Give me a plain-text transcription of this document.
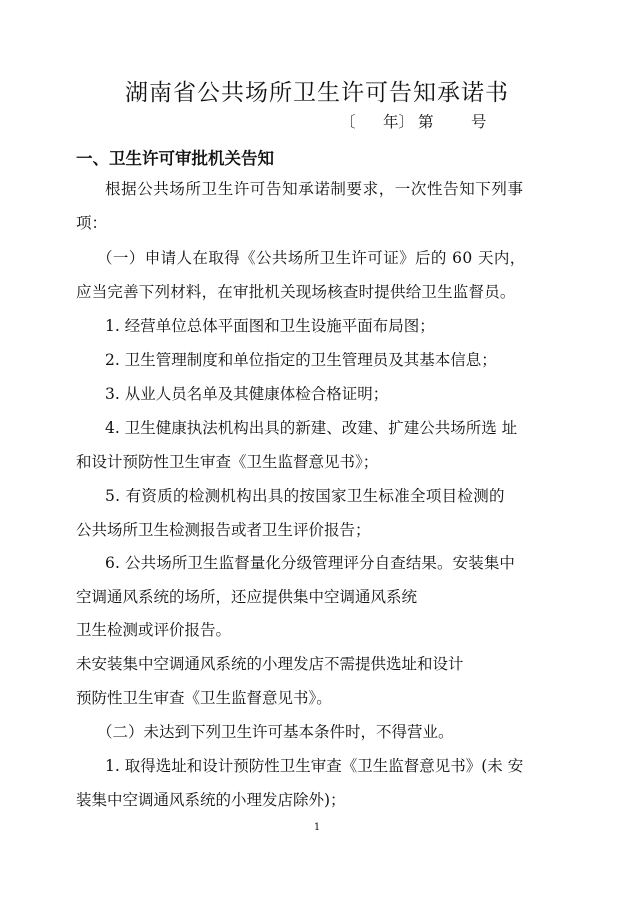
湖南省公共场所卫生许可告知承诺书
〔 年〕 第 号
一、卫生许可审批机关告知
根据公共场所卫生许可告知承诺制要求，一次性告知下列事
项：
（一）申请人在取得《公共场所卫生许可证》后的 60 天内，
应当完善下列材料，在审批机关现场核查时提供给卫生监督员。
1. 经营单位总体平面图和卫生设施平面布局图；
2. 卫生管理制度和单位指定的卫生管理员及其基本信息；
3. 从业人员名单及其健康体检合格证明；
4. 卫生健康执法机构出具的新建、改建、扩建公共场所选 址
和设计预防性卫生审查《卫生监督意见书》；
5. 有资质的检测机构出具的按国家卫生标准全项目检测的
公共场所卫生检测报告或者卫生评价报告；
6. 公共场所卫生监督量化分级管理评分自查结果。安装集中
空调通风系统的场所，还应提供集中空调通风系统
卫生检测或评价报告。
未安装集中空调通风系统的小理发店不需提供选址和设计
预防性卫生审查《卫生监督意见书》。
（二）未达到下列卫生许可基本条件时，不得营业。
1. 取得选址和设计预防性卫生审查《卫生监督意见书》(未 安
装集中空调通风系统的小理发店除外)；
1
